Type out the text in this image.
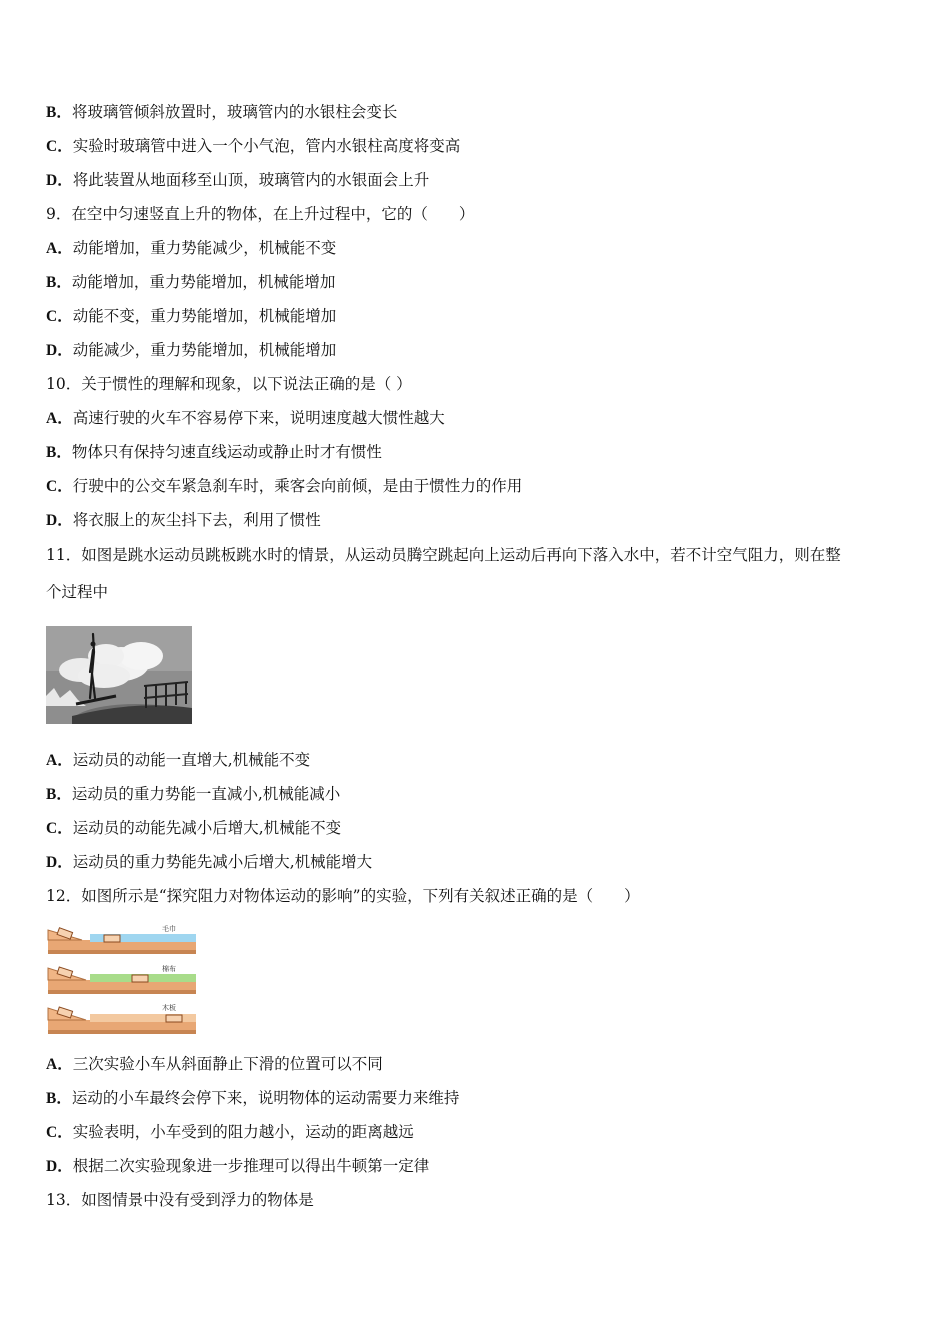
B．将玻璃管倾斜放置时，玻璃管内的水银柱会变长
C．实验时玻璃管中进入一个小气泡，管内水银柱高度将变高
D．将此装置从地面移至山顶，玻璃管内的水银面会上升
9．在空中匀速竖直上升的物体，在上升过程中，它的（　　）
A．动能增加，重力势能减少，机械能不变
B．动能增加，重力势能增加，机械能增加
C．动能不变，重力势能增加，机械能增加
D．动能减少，重力势能增加，机械能增加
10．关于惯性的理解和现象，以下说法正确的是（ ）
A．高速行驶的火车不容易停下来，说明速度越大惯性越大
B．物体只有保持匀速直线运动或静止时才有惯性
C．行驶中的公交车紧急刹车时，乘客会向前倾，是由于惯性力的作用
D．将衣服上的灰尘抖下去，利用了惯性
11．如图是跳水运动员跳板跳水时的情景，从运动员腾空跳起向上运动后再向下落入水中，若不计空气阻力，则在整
个过程中
A．运动员的动能一直增大,机械能不变
B．运动员的重力势能一直减小,机械能减小
C．运动员的动能先减小后增大,机械能不变
D．运动员的重力势能先减小后增大,机械能增大
12．如图所示是“探究阻力对物体运动的影响”的实验，下列有关叙述正确的是（　　）
毛巾
棉布
木板
A．三次实验小车从斜面静止下滑的位置可以不同
B．运动的小车最终会停下来，说明物体的运动需要力来维持
C．实验表明，小车受到的阻力越小，运动的距离越远
D．根据二次实验现象进一步推理可以得出牛顿第一定律
13．如图情景中没有受到浮力的物体是
